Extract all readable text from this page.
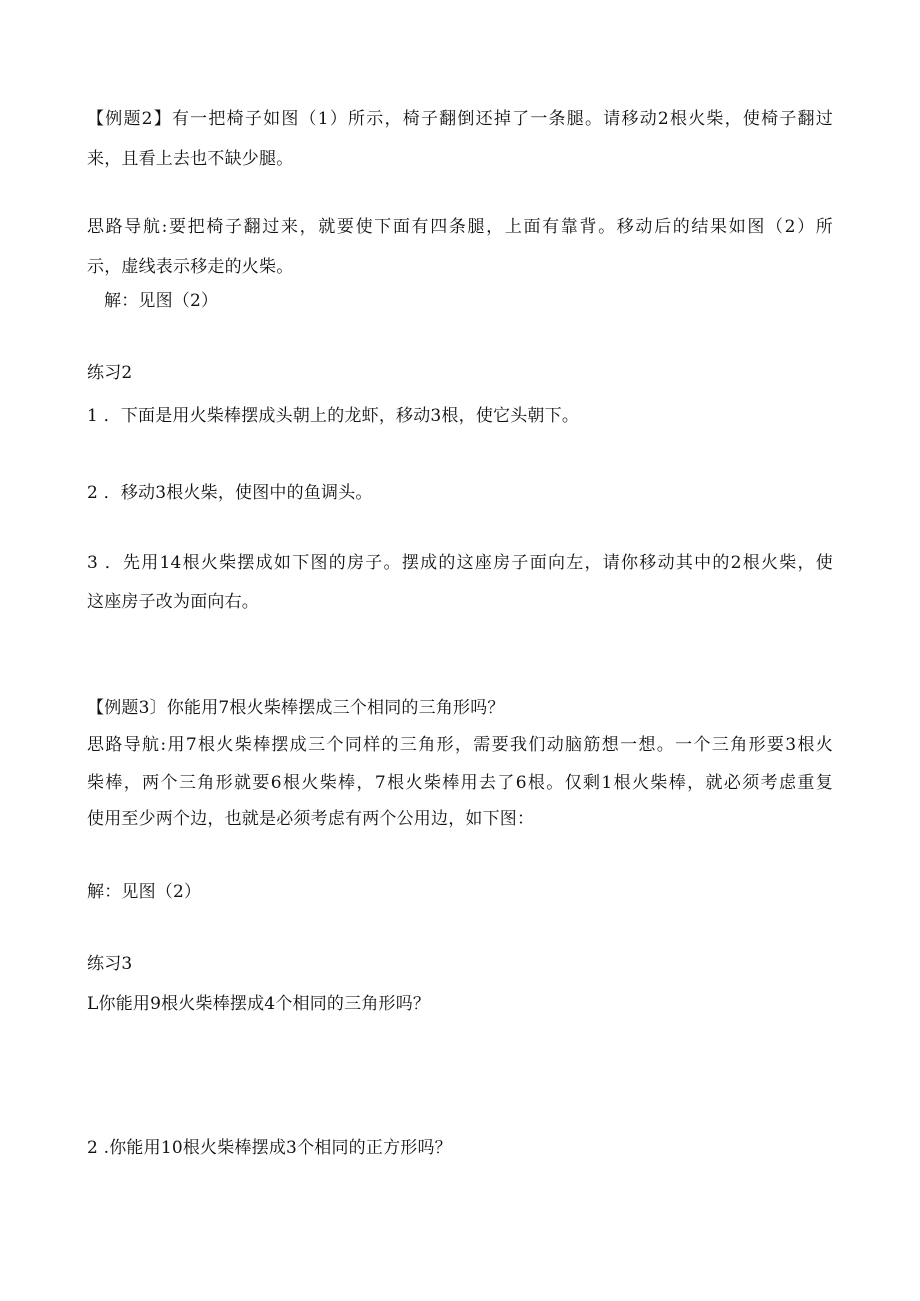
【例题2】有一把椅子如图（1）所示，椅子翻倒还掉了一条腿。请移动2根火柴，使椅子翻过
来，且看上去也不缺少腿。
思路导航:要把椅子翻过来，就要使下面有四条腿，上面有靠背。移动后的结果如图（2）所
示，虚线表示移走的火柴。
解：见图（2）
练习2
1 ．下面是用火柴棒摆成头朝上的龙虾，移动3根，使它头朝下。
2 ．移动3根火柴，使图中的鱼调头。
3 ．先用14根火柴摆成如下图的房子。摆成的这座房子面向左，请你移动其中的2根火柴，使
这座房子改为面向右。
【例题3〕你能用7根火柴棒摆成三个相同的三角形吗？
思路导航:用7根火柴棒摆成三个同样的三角形，需要我们动脑筋想一想。一个三角形要3根火
柴棒，两个三角形就要6根火柴棒，7根火柴棒用去了6根。仅剩1根火柴棒，就必须考虑重复
使用至少两个边，也就是必须考虑有两个公用边，如下图：
解：见图（2）
练习3
L你能用9根火柴棒摆成4个相同的三角形吗？
2 .你能用10根火柴棒摆成3个相同的正方形吗？
